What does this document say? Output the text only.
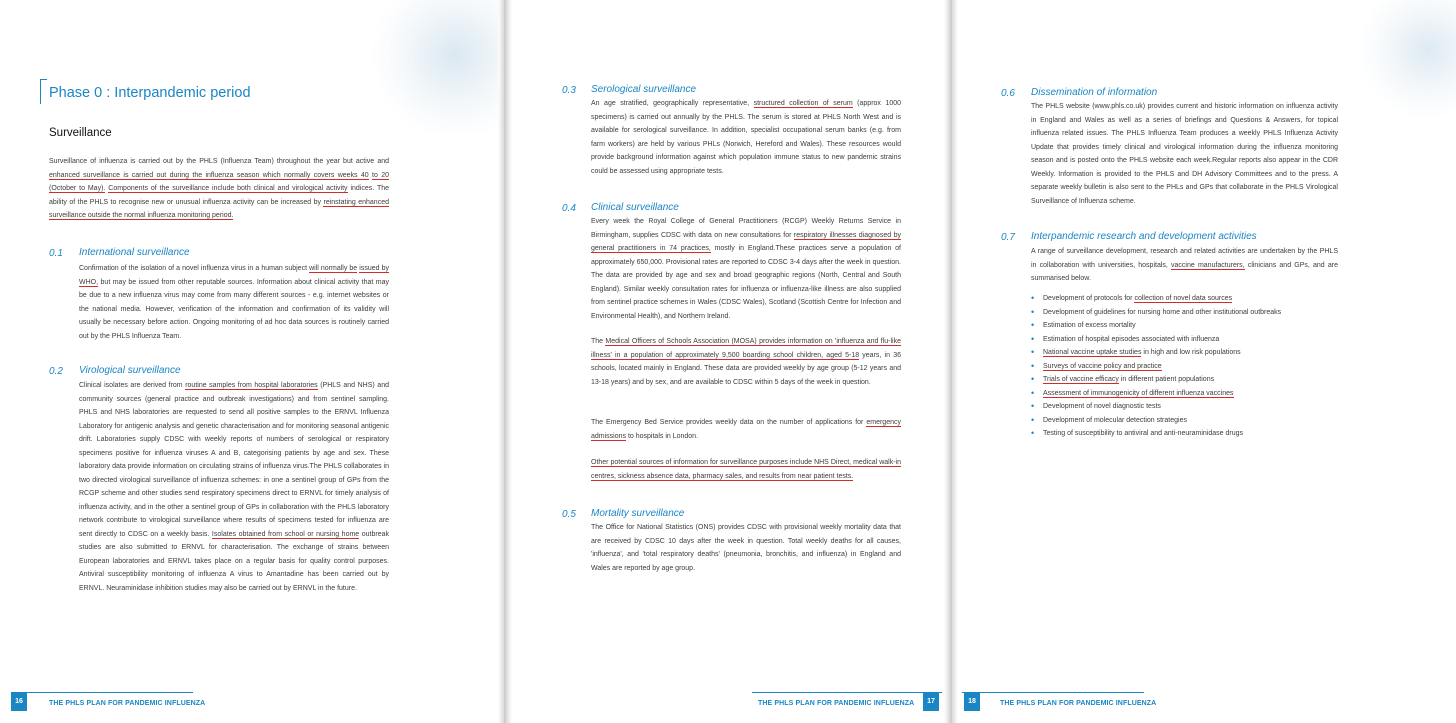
Phase 0 : Interpandemic period
Surveillance
Surveillance of influenza is carried out by the PHLS (Influenza Team) throughout the year but active and enhanced surveillance is carried out during the influenza season which normally covers weeks 40 to 20 (October to May). Components of the surveillance include both clinical and virological activity indices. The ability of the PHLS to recognise new or unusual influenza activity can be increased by reinstating enhanced surveillance outside the normal influenza monitoring period.
0.1 International surveillance
Confirmation of the isolation of a novel influenza virus in a human subject will normally be issued by WHO, but may be issued from other reputable sources. Information about clinical activity that may be due to a new influenza virus may come from many different sources - e.g. internet websites or the national media. However, verification of the information and confirmation of its validity will usually be necessary before action. Ongoing monitoring of ad hoc data sources is routinely carried out by the PHLS Influenza Team.
0.2 Virological surveillance
Clinical isolates are derived from routine samples from hospital laboratories (PHLS and NHS) and community sources (general practice and outbreak investigations) and from sentinel sampling. PHLS and NHS laboratories are requested to send all positive samples to the ERNVL Influenza Laboratory for antigenic analysis and genetic characterisation and for monitoring seasonal antigenic drift. Laboratories supply CDSC with weekly reports of numbers of serological or respiratory specimens positive for influenza viruses A and B, categorising patients by age and sex. These laboratory data provide information on circulating strains of influenza virus.The PHLS collaborates in two directed virological surveillance of influenza schemes: in one a sentinel group of GPs from the RCGP scheme and other studies send respiratory specimens direct to ERNVL for timely analysis of influenza activity, and in the other a sentinel group of GPs in collaboration with the PHLS laboratory network contribute to virological surveillance where results of specimens tested for influenza are sent directly to CDSC on a weekly basis. Isolates obtained from school or nursing home outbreak studies are also submitted to ERNVL for characterisation. The exchange of strains between European laboratories and ERNVL takes place on a regular basis for quality control purposes. Antiviral susceptibility monitoring of influenza A virus to Amantadine has been carried out by ERNVL. Neuraminidase inhibition studies may also be carried out by ERNVL in the future.
16	THE PHLS PLAN FOR PANDEMIC INFLUENZA
0.3 Serological surveillance
An age stratified, geographically representative, structured collection of serum (approx 1000 specimens) is carried out annually by the PHLS. The serum is stored at PHLS North West and is available for serological surveillance. In addition, specialist occupational serum banks (e.g. from farm workers) are held by various PHLs (Norwich, Hereford and Wales). These resources would provide background information against which population immune status to new pandemic strains could be assessed using appropriate tests.
0.4 Clinical surveillance
Every week the Royal College of General Practitioners (RCGP) Weekly Returns Service in Birmingham, supplies CDSC with data on new consultations for respiratory illnesses diagnosed by general practitioners in 74 practices, mostly in England.These practices serve a population of approximately 650,000. Provisional rates are reported to CDSC 3-4 days after the week in question. The data are provided by age and sex and broad geographic regions (North, Central and South England). Similar weekly consultation rates for influenza or influenza-like illness are also supplied from sentinel practice schemes in Wales (CDSC Wales), Scotland (Scottish Centre for Infection and Environmental Health), and Northern Ireland.
The Medical Officers of Schools Association (MOSA) provides information on 'influenza and flu-like illness' in a population of approximately 9,500 boarding school children, aged 5-18 years, in 36 schools, located mainly in England. These data are provided weekly by age group (5-12 years and 13-18 years) and by sex, and are available to CDSC within 5 days of the week in question.
The Emergency Bed Service provides weekly data on the number of applications for emergency admissions to hospitals in London.
Other potential sources of information for surveillance purposes include NHS Direct, medical walk-in centres, sickness absence data, pharmacy sales, and results from near patient tests.
0.5 Mortality surveillance
The Office for National Statistics (ONS) provides CDSC with provisional weekly mortality data that are received by CDSC 10 days after the week in question. Total weekly deaths for all causes, 'influenza', and 'total respiratory deaths' (pneumonia, bronchitis, and influenza) in England and Wales are reported by age group.
THE PHLS PLAN FOR PANDEMIC INFLUENZA	17
0.6 Dissemination of information
The PHLS website (www.phls.co.uk) provides current and historic information on influenza activity in England and Wales as well as a series of briefings and Questions & Answers, for topical influenza related issues. The PHLS Influenza Team produces a weekly PHLS Influenza Activity Update that provides timely clinical and virological information during the influenza monitoring season and is posted onto the PHLS website each week.Regular reports also appear in the CDR Weekly. Information is provided to the PHLS and DH Advisory Committees and to the press. A separate weekly bulletin is also sent to the PHLs and GPs that collaborate in the PHLS Virological Surveillance of Influenza scheme.
0.7 Interpandemic research and development activities
A range of surveillance development, research and related activities are undertaken by the PHLS in collaboration with universities, hospitals, vaccine manufacturers, clinicians and GPs, and are summarised below.
• Development of protocols for collection of novel data sources
• Development of guidelines for nursing home and other institutional outbreaks
• Estimation of excess mortality
• Estimation of hospital episodes associated with influenza
• National vaccine uptake studies in high and low risk populations
• Surveys of vaccine policy and practice
• Trials of vaccine efficacy in different patient populations
• Assessment of immunogenicity of different influenza vaccines
• Development of novel diagnostic tests
• Development of molecular detection strategies
• Testing of susceptibility to antiviral and anti-neuraminidase drugs
18	THE PHLS PLAN FOR PANDEMIC INFLUENZA
